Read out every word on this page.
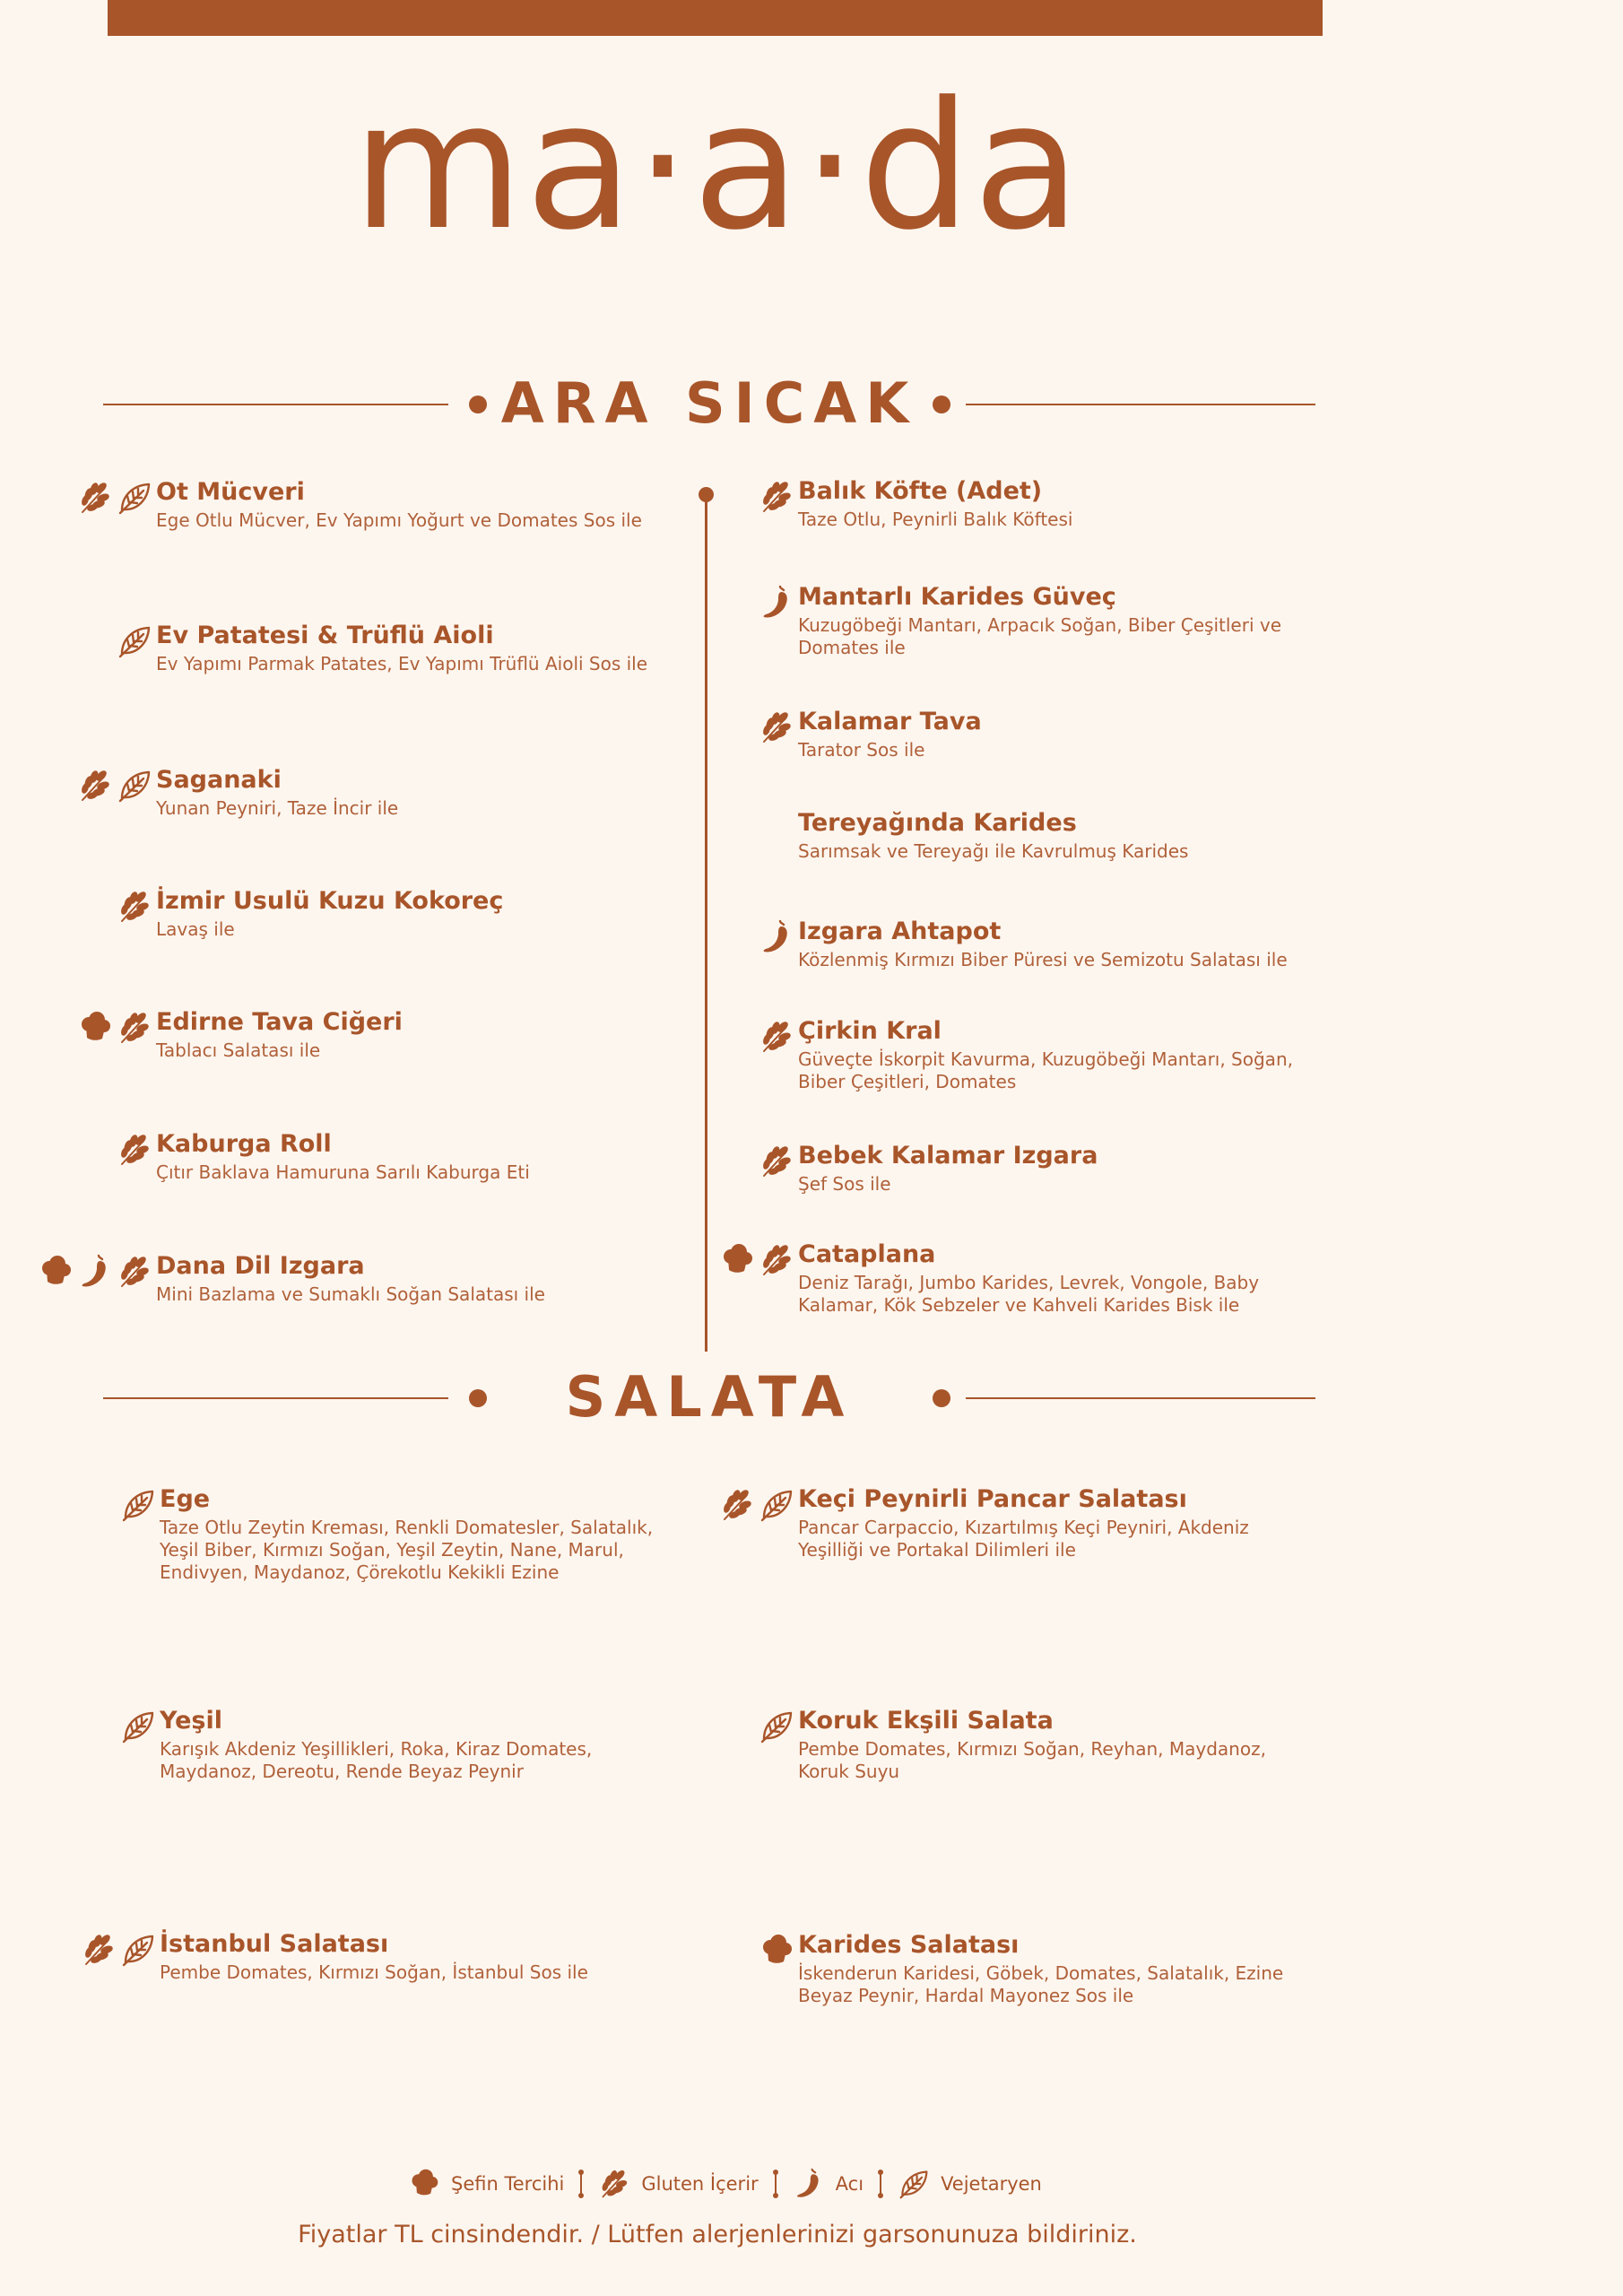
ma·a·da
ARA SICAK
Ot Mücveri
Ege Otlu Mücver, Ev Yapımı Yoğurt ve Domates Sos ile
Ev Patatesi & Trüflü Aioli
Ev Yapımı Parmak Patates, Ev Yapımı Trüflü Aioli Sos ile
Saganaki
Yunan Peyniri, Taze İncir ile
İzmir Usulü Kuzu Kokoreç
Lavaş ile
Edirne Tava Ciğeri
Tablacı Salatası ile
Kaburga Roll
Çıtır Baklava Hamuruna Sarılı Kaburga Eti
Dana Dil Izgara
Mini Bazlama ve Sumaklı Soğan Salatası ile
Balık Köfte (Adet)
Taze Otlu, Peynirli Balık Köftesi
Mantarlı Karides Güveç
Kuzugöbeği Mantarı, Arpacık Soğan, Biber Çeşitleri ve Domates ile
Kalamar Tava
Tarator Sos ile
Tereyağında Karides
Sarımsak ve Tereyağı ile Kavrulmuş Karides
Izgara Ahtapot
Közlenmiş Kırmızı Biber Püresi ve Semizotu Salatası ile
Çirkin Kral
Güveçte İskorpit Kavurma, Kuzugöbeği Mantarı, Soğan, Biber Çeşitleri, Domates
Bebek Kalamar Izgara
Şef Sos ile
Cataplana
Deniz Tarağı, Jumbo Karides, Levrek, Vongole, Baby Kalamar, Kök Sebzeler ve Kahveli Karides Bisk ile
SALATA
Ege
Taze Otlu Zeytin Kreması, Renkli Domatesler, Salatalık, Yeşil Biber, Kırmızı Soğan, Yeşil Zeytin, Nane, Marul, Endivyen, Maydanoz, Çörekotlu Kekikli Ezine
Yeşil
Karışık Akdeniz Yeşillikleri, Roka, Kiraz Domates, Maydanoz, Dereotu, Rende Beyaz Peynir
İstanbul Salatası
Pembe Domates, Kırmızı Soğan, İstanbul Sos ile
Keçi Peynirli Pancar Salatası
Pancar Carpaccio, Kızartılmış Keçi Peyniri, Akdeniz Yeşilliği ve Portakal Dilimleri ile
Koruk Ekşili Salata
Pembe Domates, Kırmızı Soğan, Reyhan, Maydanoz, Koruk Suyu
Karides Salatası
İskenderun Karidesi, Göbek, Domates, Salatalık, Ezine Beyaz Peynir, Hardal Mayonez Sos ile
Şefin Tercihi	Gluten İçerir	Acı	Vejetaryen
Fiyatlar TL cinsindendir. / Lütfen alerjenlerinizi garsonunuza bildiriniz.
